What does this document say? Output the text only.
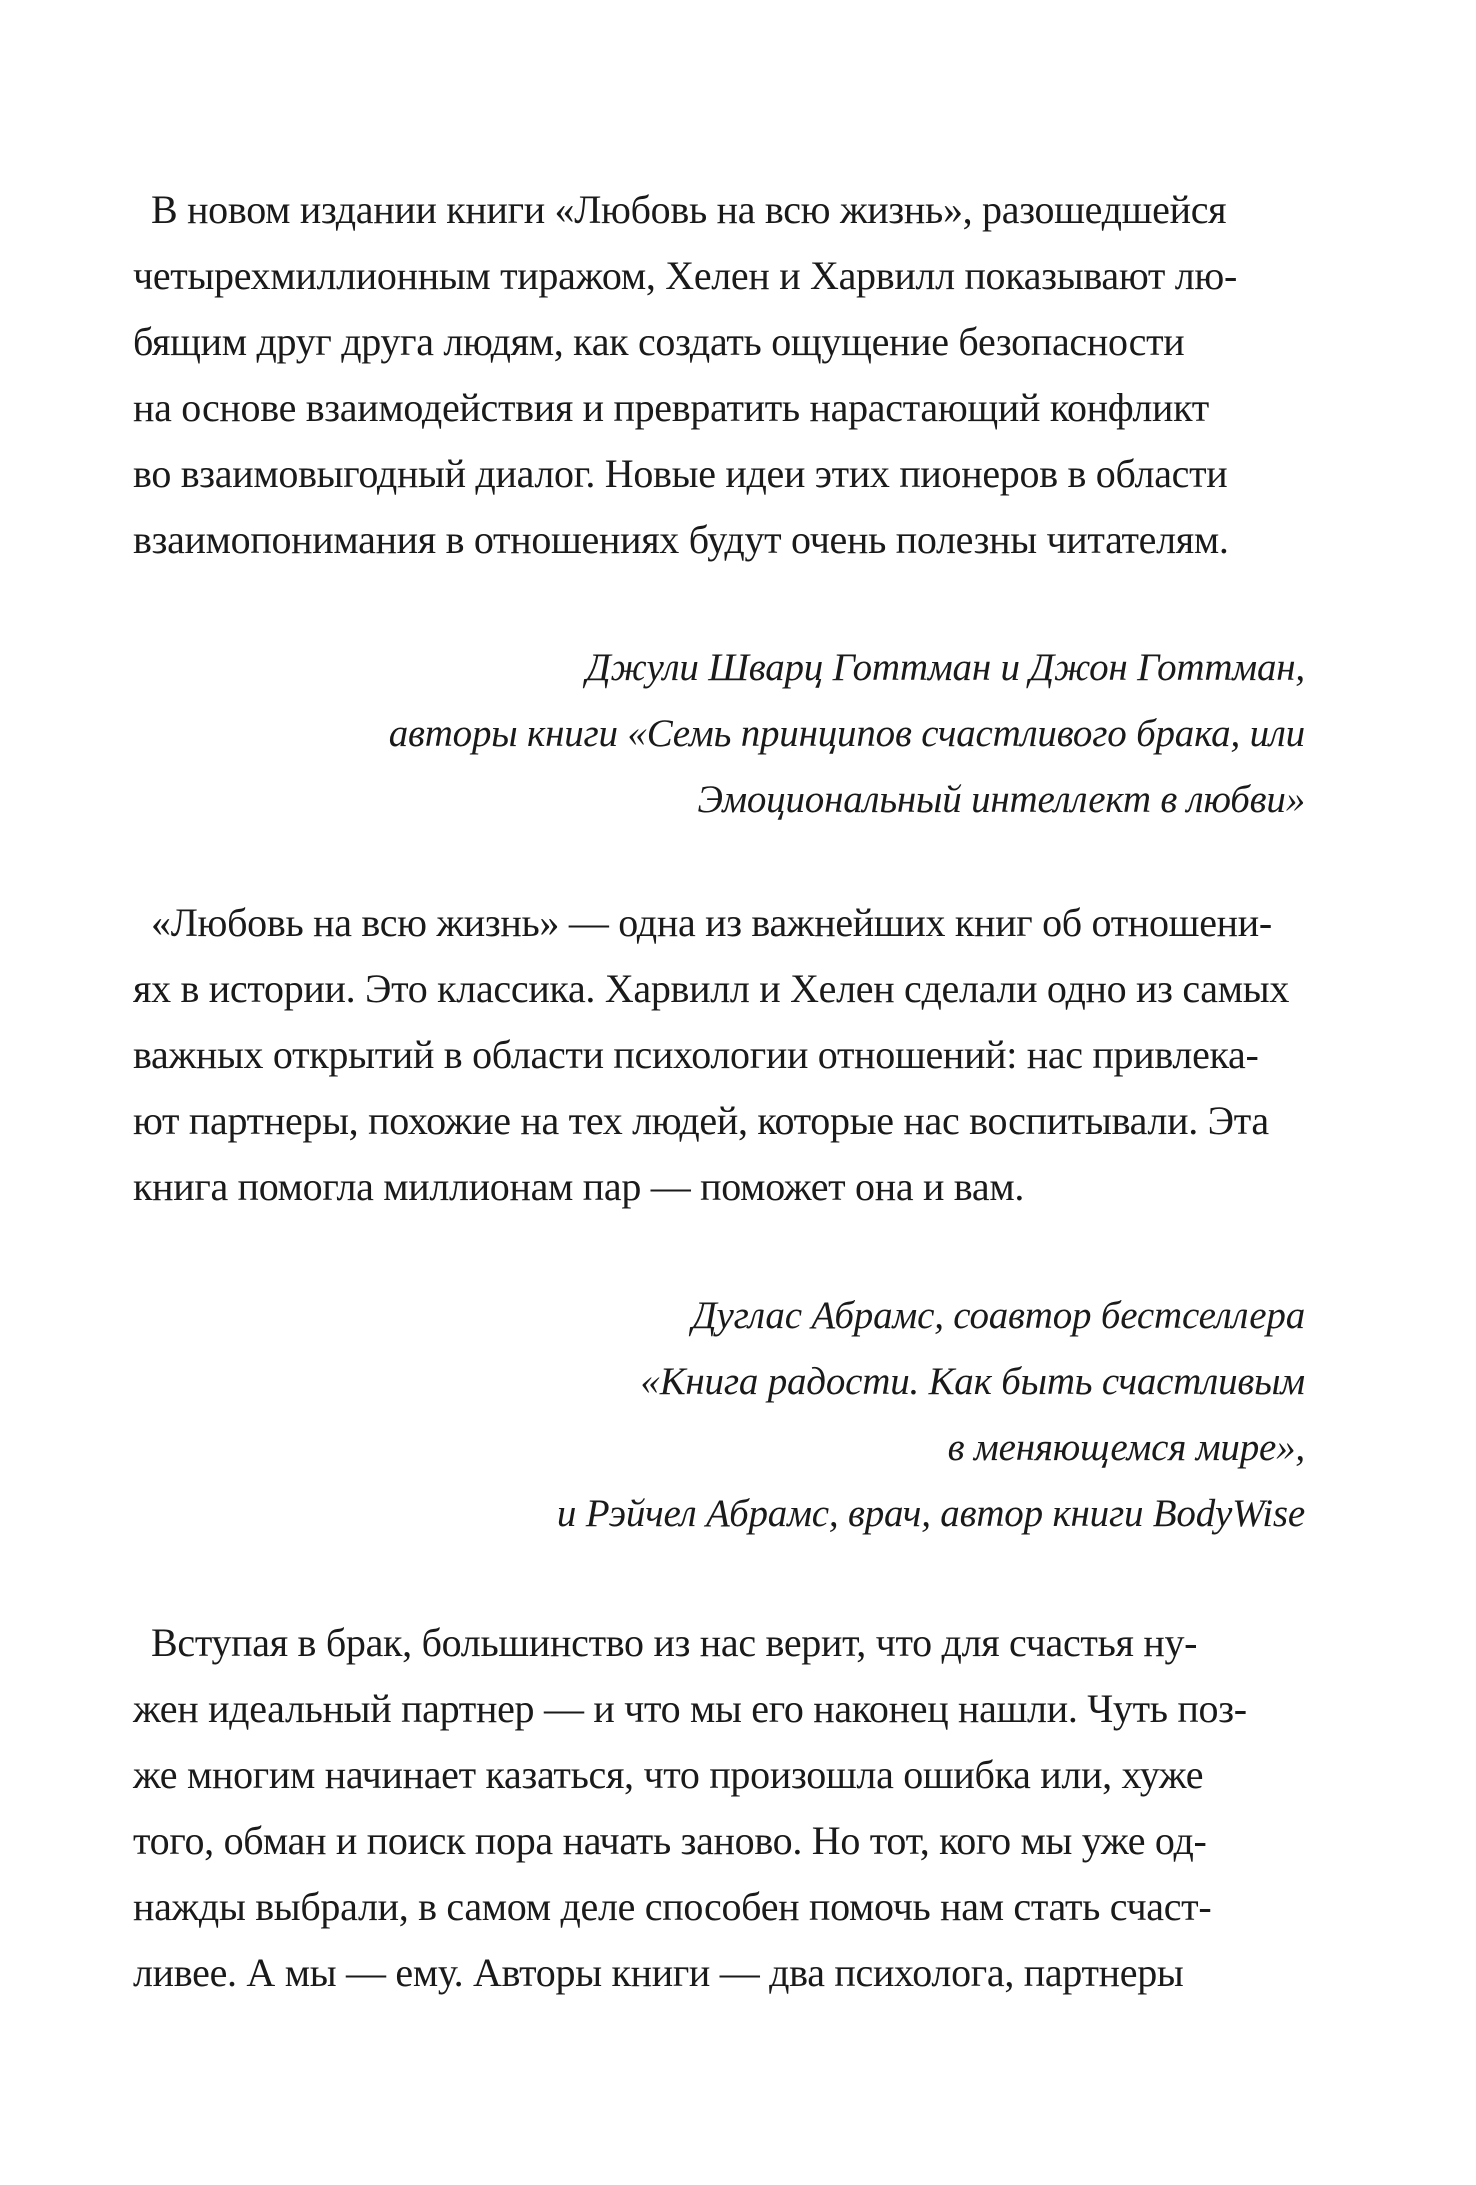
В новом издании книги «Любовь на всю жизнь», разошедшейся
четырехмиллионным тиражом, Хелен и Харвилл показывают лю-
бящим друг друга людям, как создать ощущение безопасности
на основе взаимодействия и превратить нарастающий конфликт
во взаимовыгодный диалог. Новые идеи этих пионеров в области
взаимопонимания в отношениях будут очень полезны читателям.
Джули Шварц Готтман и Джон Готтман,
авторы книги «Семь принципов счастливого брака, или
Эмоциональный интеллект в любви»
«Любовь на всю жизнь» — одна из важнейших книг об отношени-
ях в истории. Это классика. Харвилл и Хелен сделали одно из самых
важных открытий в области психологии отношений: нас привлека-
ют партнеры, похожие на тех людей, которые нас воспитывали. Эта
книга помогла миллионам пар — поможет она и вам.
Дуглас Абрамс, соавтор бестселлера
«Книга радости. Как быть счастливым
в меняющемся мире»,
и Рэйчел Абрамс, врач, автор книги BodyWise
Вступая в брак, большинство из нас верит, что для счастья ну-
жен идеальный партнер — и что мы его наконец нашли. Чуть поз-
же многим начинает казаться, что произошла ошибка или, хуже
того, обман и поиск пора начать заново. Но тот, кого мы уже од-
нажды выбрали, в самом деле способен помочь нам стать счаст-
ливее. А мы — ему. Авторы книги — два психолога, партнеры
